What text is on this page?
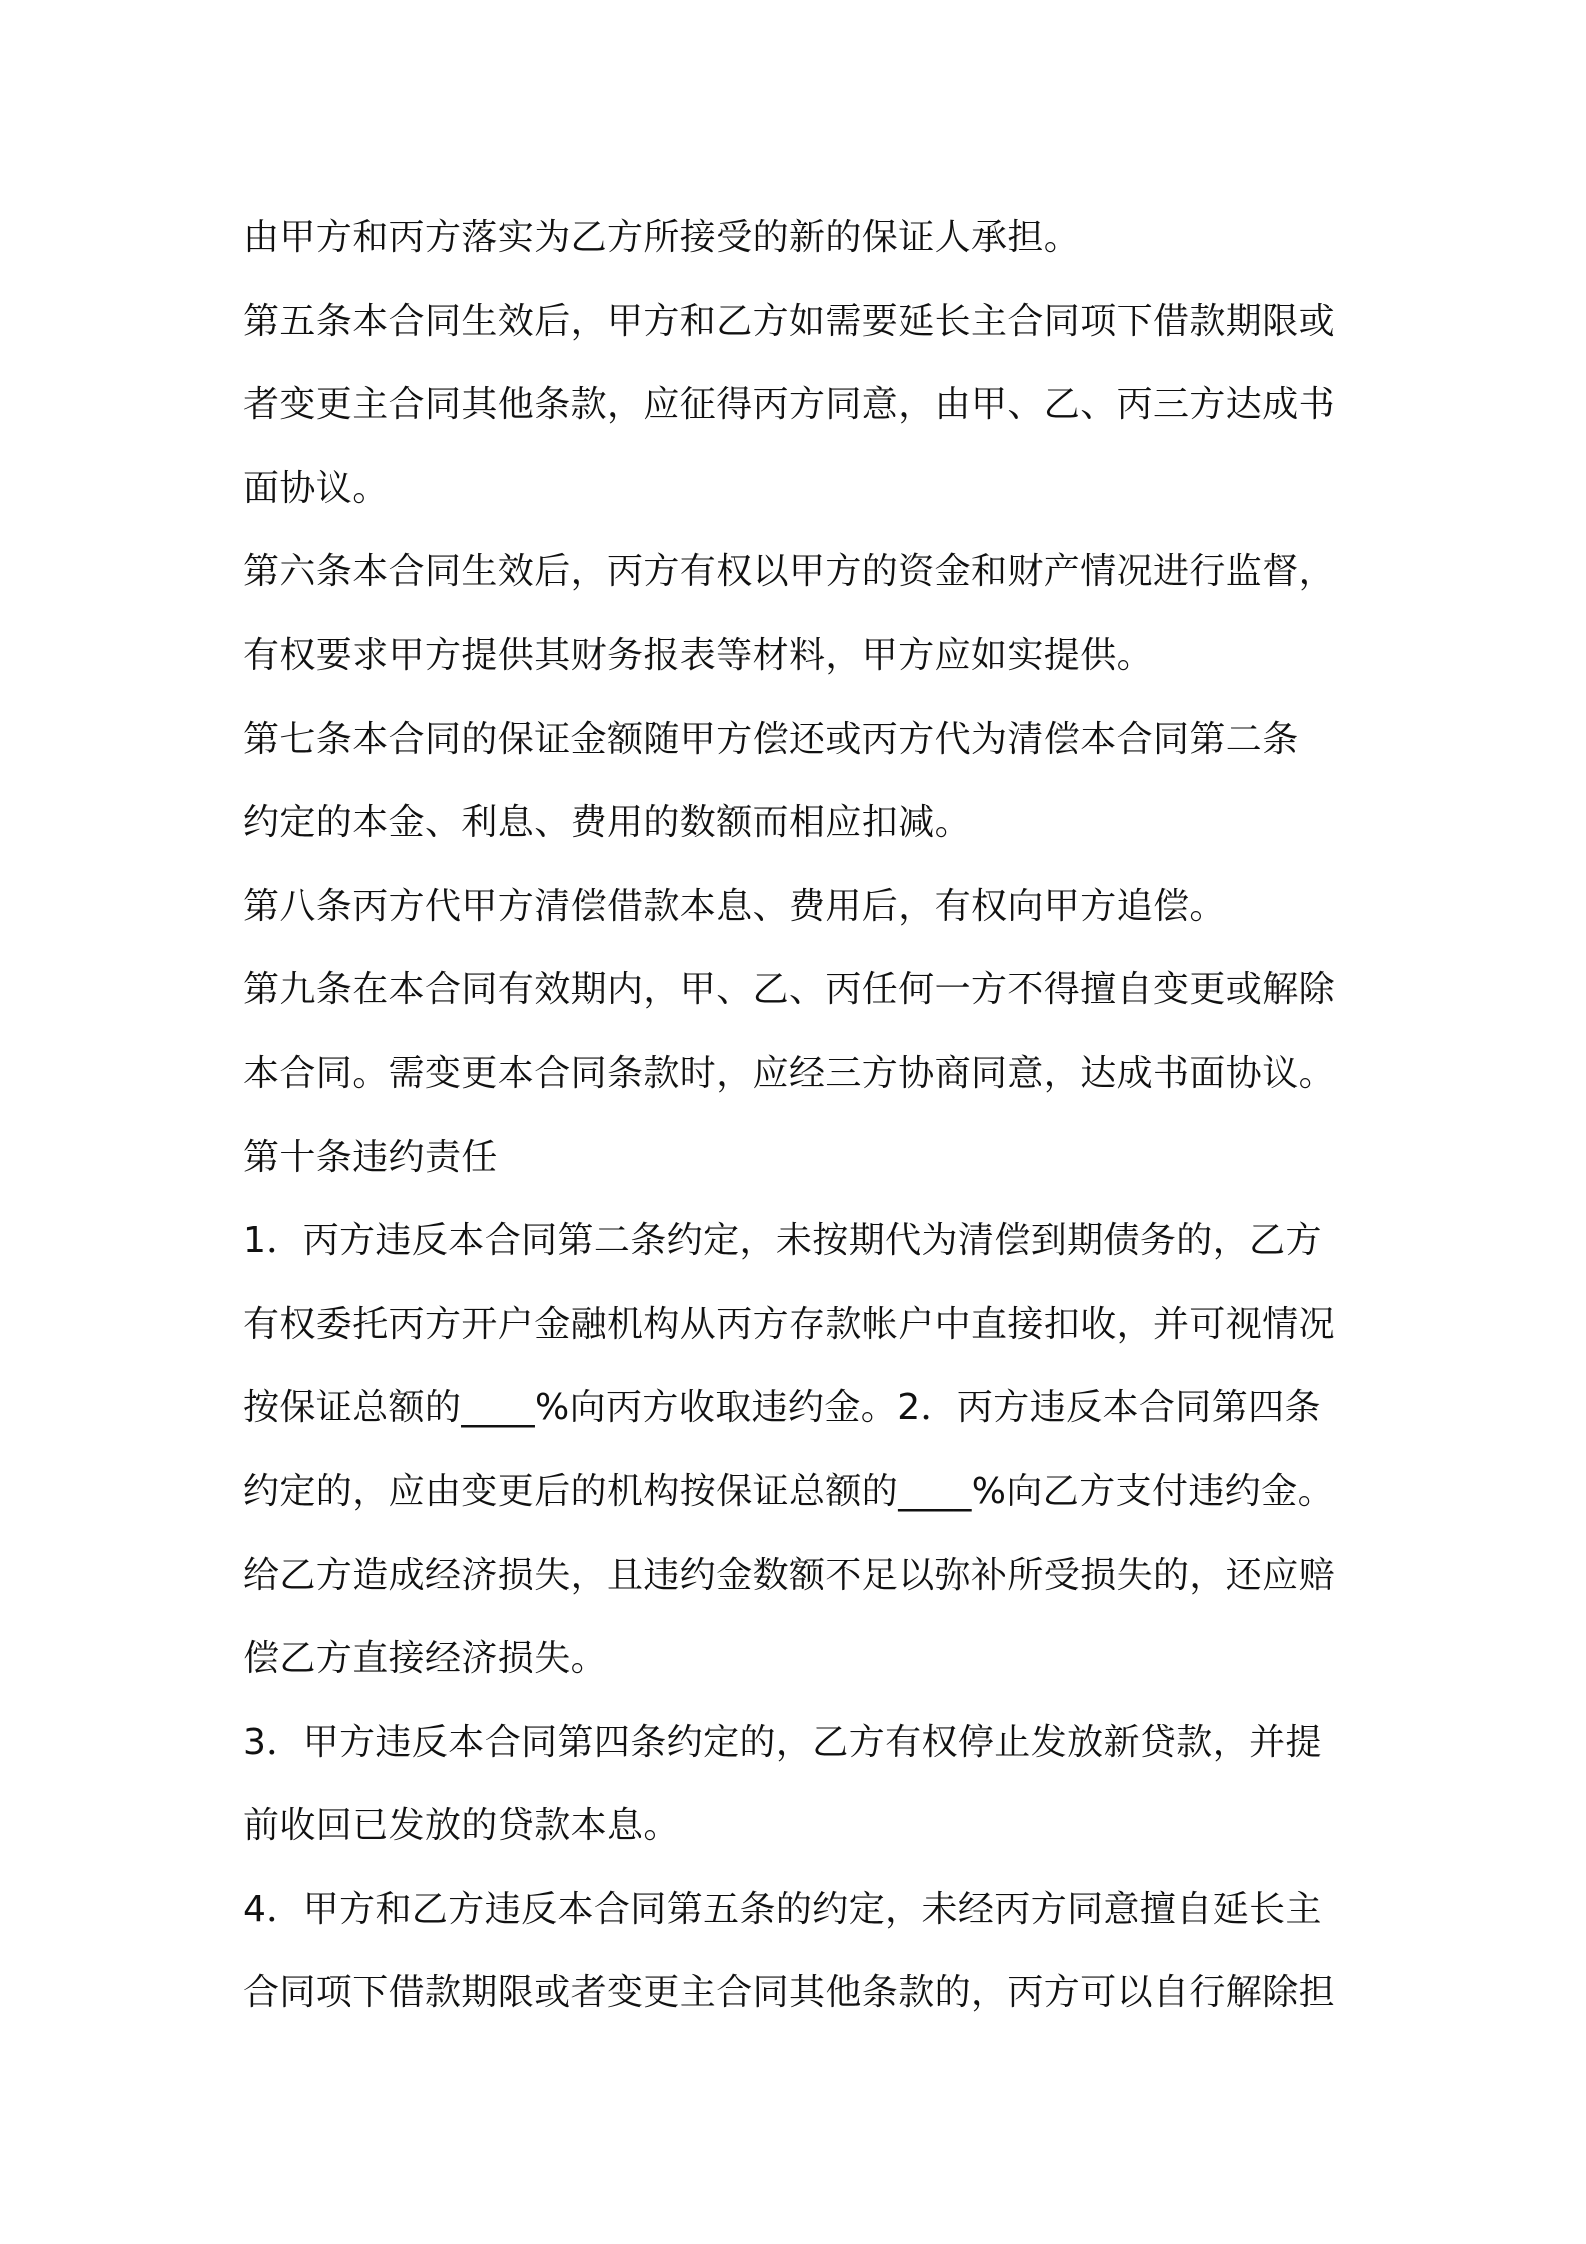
由甲方和丙方落实为乙方所接受的新的保证人承担。
第五条本合同生效后，甲方和乙方如需要延长主合同项下借款期限或
者变更主合同其他条款，应征得丙方同意，由甲、乙、丙三方达成书
面协议。
第六条本合同生效后，丙方有权以甲方的资金和财产情况进行监督，
有权要求甲方提供其财务报表等材料，甲方应如实提供。
第七条本合同的保证金额随甲方偿还或丙方代为清偿本合同第二条
约定的本金、利息、费用的数额而相应扣减。
第八条丙方代甲方清偿借款本息、费用后，有权向甲方追偿。
第九条在本合同有效期内，甲、乙、丙任何一方不得擅自变更或解除
本合同。需变更本合同条款时，应经三方协商同意，达成书面协议。
第十条违约责任
1．丙方违反本合同第二条约定，未按期代为清偿到期债务的，乙方
有权委托丙方开户金融机构从丙方存款帐户中直接扣收，并可视情况
按保证总额的____%向丙方收取违约金。2．丙方违反本合同第四条
约定的，应由变更后的机构按保证总额的____%向乙方支付违约金。
给乙方造成经济损失，且违约金数额不足以弥补所受损失的，还应赔
偿乙方直接经济损失。
3．甲方违反本合同第四条约定的，乙方有权停止发放新贷款，并提
前收回已发放的贷款本息。
4．甲方和乙方违反本合同第五条的约定，未经丙方同意擅自延长主
合同项下借款期限或者变更主合同其他条款的，丙方可以自行解除担
